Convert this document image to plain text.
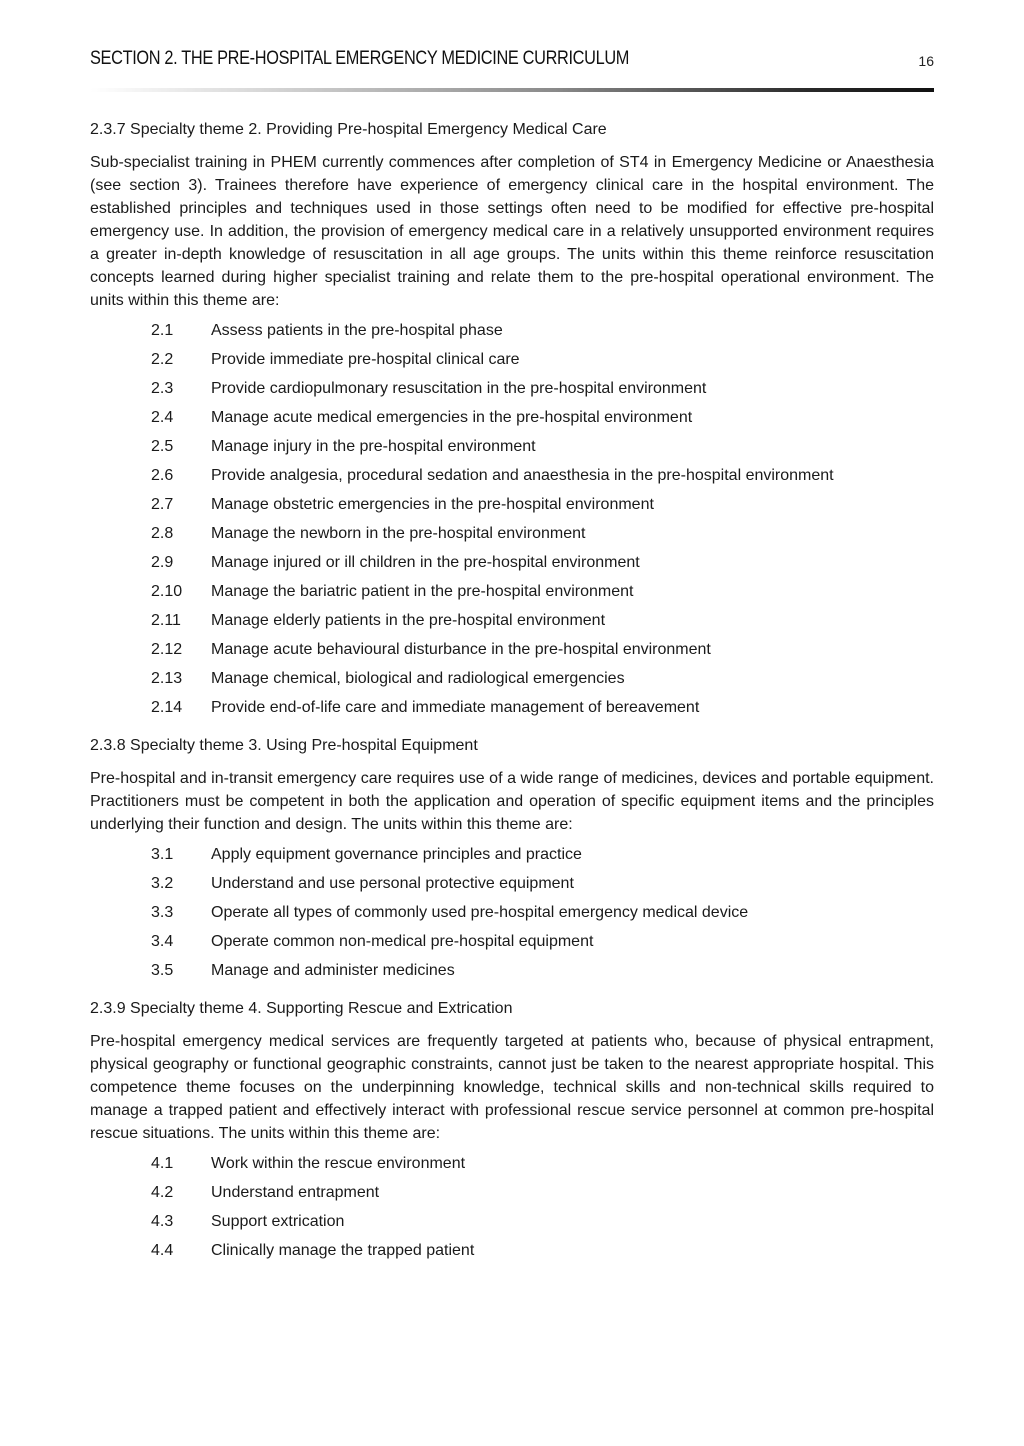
SECTION 2. THE PRE-HOSPITAL EMERGENCY MEDICINE CURRICULUM	16
2.3.7 Specialty theme 2. Providing Pre-hospital Emergency Medical Care

Sub-specialist training in PHEM currently commences after completion of ST4 in Emergency Medicine or Anaesthesia (see section 3). Trainees therefore have experience of emergency clinical care in the hospital environment. The established principles and techniques used in those settings often need to be modified for effective pre-hospital emergency use. In addition, the provision of emergency medical care in a relatively unsupported environment requires a greater in-depth knowledge of resuscitation in all age groups. The units within this theme reinforce resuscitation concepts learned during higher specialist training and relate them to the pre-hospital operational environment. The units within this theme are:

2.1 Assess patients in the pre-hospital phase
2.2 Provide immediate pre-hospital clinical care
2.3 Provide cardiopulmonary resuscitation in the pre-hospital environment
2.4 Manage acute medical emergencies in the pre-hospital environment
2.5 Manage injury in the pre-hospital environment
2.6 Provide analgesia, procedural sedation and anaesthesia in the pre-hospital environment
2.7 Manage obstetric emergencies in the pre-hospital environment
2.8 Manage the newborn in the pre-hospital environment
2.9 Manage injured or ill children in the pre-hospital environment
2.10 Manage the bariatric patient in the pre-hospital environment
2.11 Manage elderly patients in the pre-hospital environment
2.12 Manage acute behavioural disturbance in the pre-hospital environment
2.13 Manage chemical, biological and radiological emergencies
2.14 Provide end-of-life care and immediate management of bereavement
2.3.8 Specialty theme 3. Using Pre-hospital Equipment

Pre-hospital and in-transit emergency care requires use of a wide range of medicines, devices and portable equipment. Practitioners must be competent in both the application and operation of specific equipment items and the principles underlying their function and design. The units within this theme are:

3.1 Apply equipment governance principles and practice
3.2 Understand and use personal protective equipment
3.3 Operate all types of commonly used pre-hospital emergency medical device
3.4 Operate common non-medical pre-hospital equipment
3.5 Manage and administer medicines
2.3.9 Specialty theme 4. Supporting Rescue and Extrication

Pre-hospital emergency medical services are frequently targeted at patients who, because of physical entrapment, physical geography or functional geographic constraints, cannot just be taken to the nearest appropriate hospital. This competence theme focuses on the underpinning knowledge, technical skills and non-technical skills required to manage a trapped patient and effectively interact with professional rescue service personnel at common pre-hospital rescue situations. The units within this theme are:

4.1 Work within the rescue environment
4.2 Understand entrapment
4.3 Support extrication
4.4 Clinically manage the trapped patient
